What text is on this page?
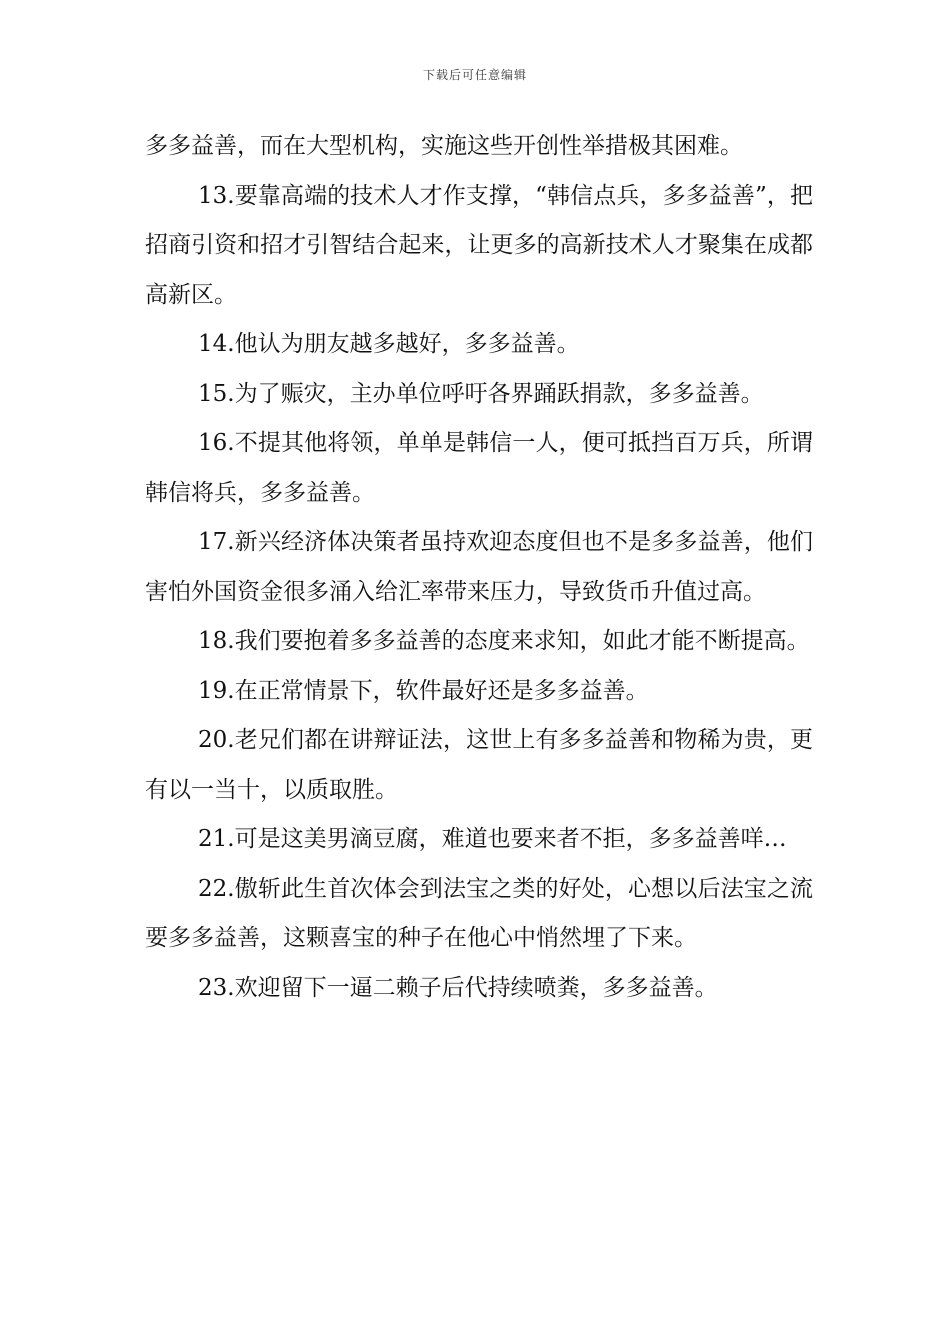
下载后可任意编辑

多多益善，而在大型机构，实施这些开创性举措极其困难。

13.要靠高端的技术人才作支撑，“韩信点兵，多多益善”，把招商引资和招才引智结合起来，让更多的高新技术人才聚集在成都高新区。

14.他认为朋友越多越好，多多益善。

15.为了赈灾，主办单位呼吁各界踊跃捐款，多多益善。

16.不提其他将领，单单是韩信一人，便可抵挡百万兵，所谓韩信将兵，多多益善。

17.新兴经济体决策者虽持欢迎态度但也不是多多益善，他们害怕外国资金很多涌入给汇率带来压力，导致货币升值过高。

18.我们要抱着多多益善的态度来求知，如此才能不断提高。

19.在正常情景下，软件最好还是多多益善。

20.老兄们都在讲辩证法，这世上有多多益善和物稀为贵，更有以一当十，以质取胜。

21.可是这美男滴豆腐，难道也要来者不拒，多多益善咩…

22.傲斩此生首次体会到法宝之类的好处，心想以后法宝之流要多多益善，这颗喜宝的种子在他心中悄然埋了下来。

23.欢迎留下一逼二赖子后代持续喷粪，多多益善。
